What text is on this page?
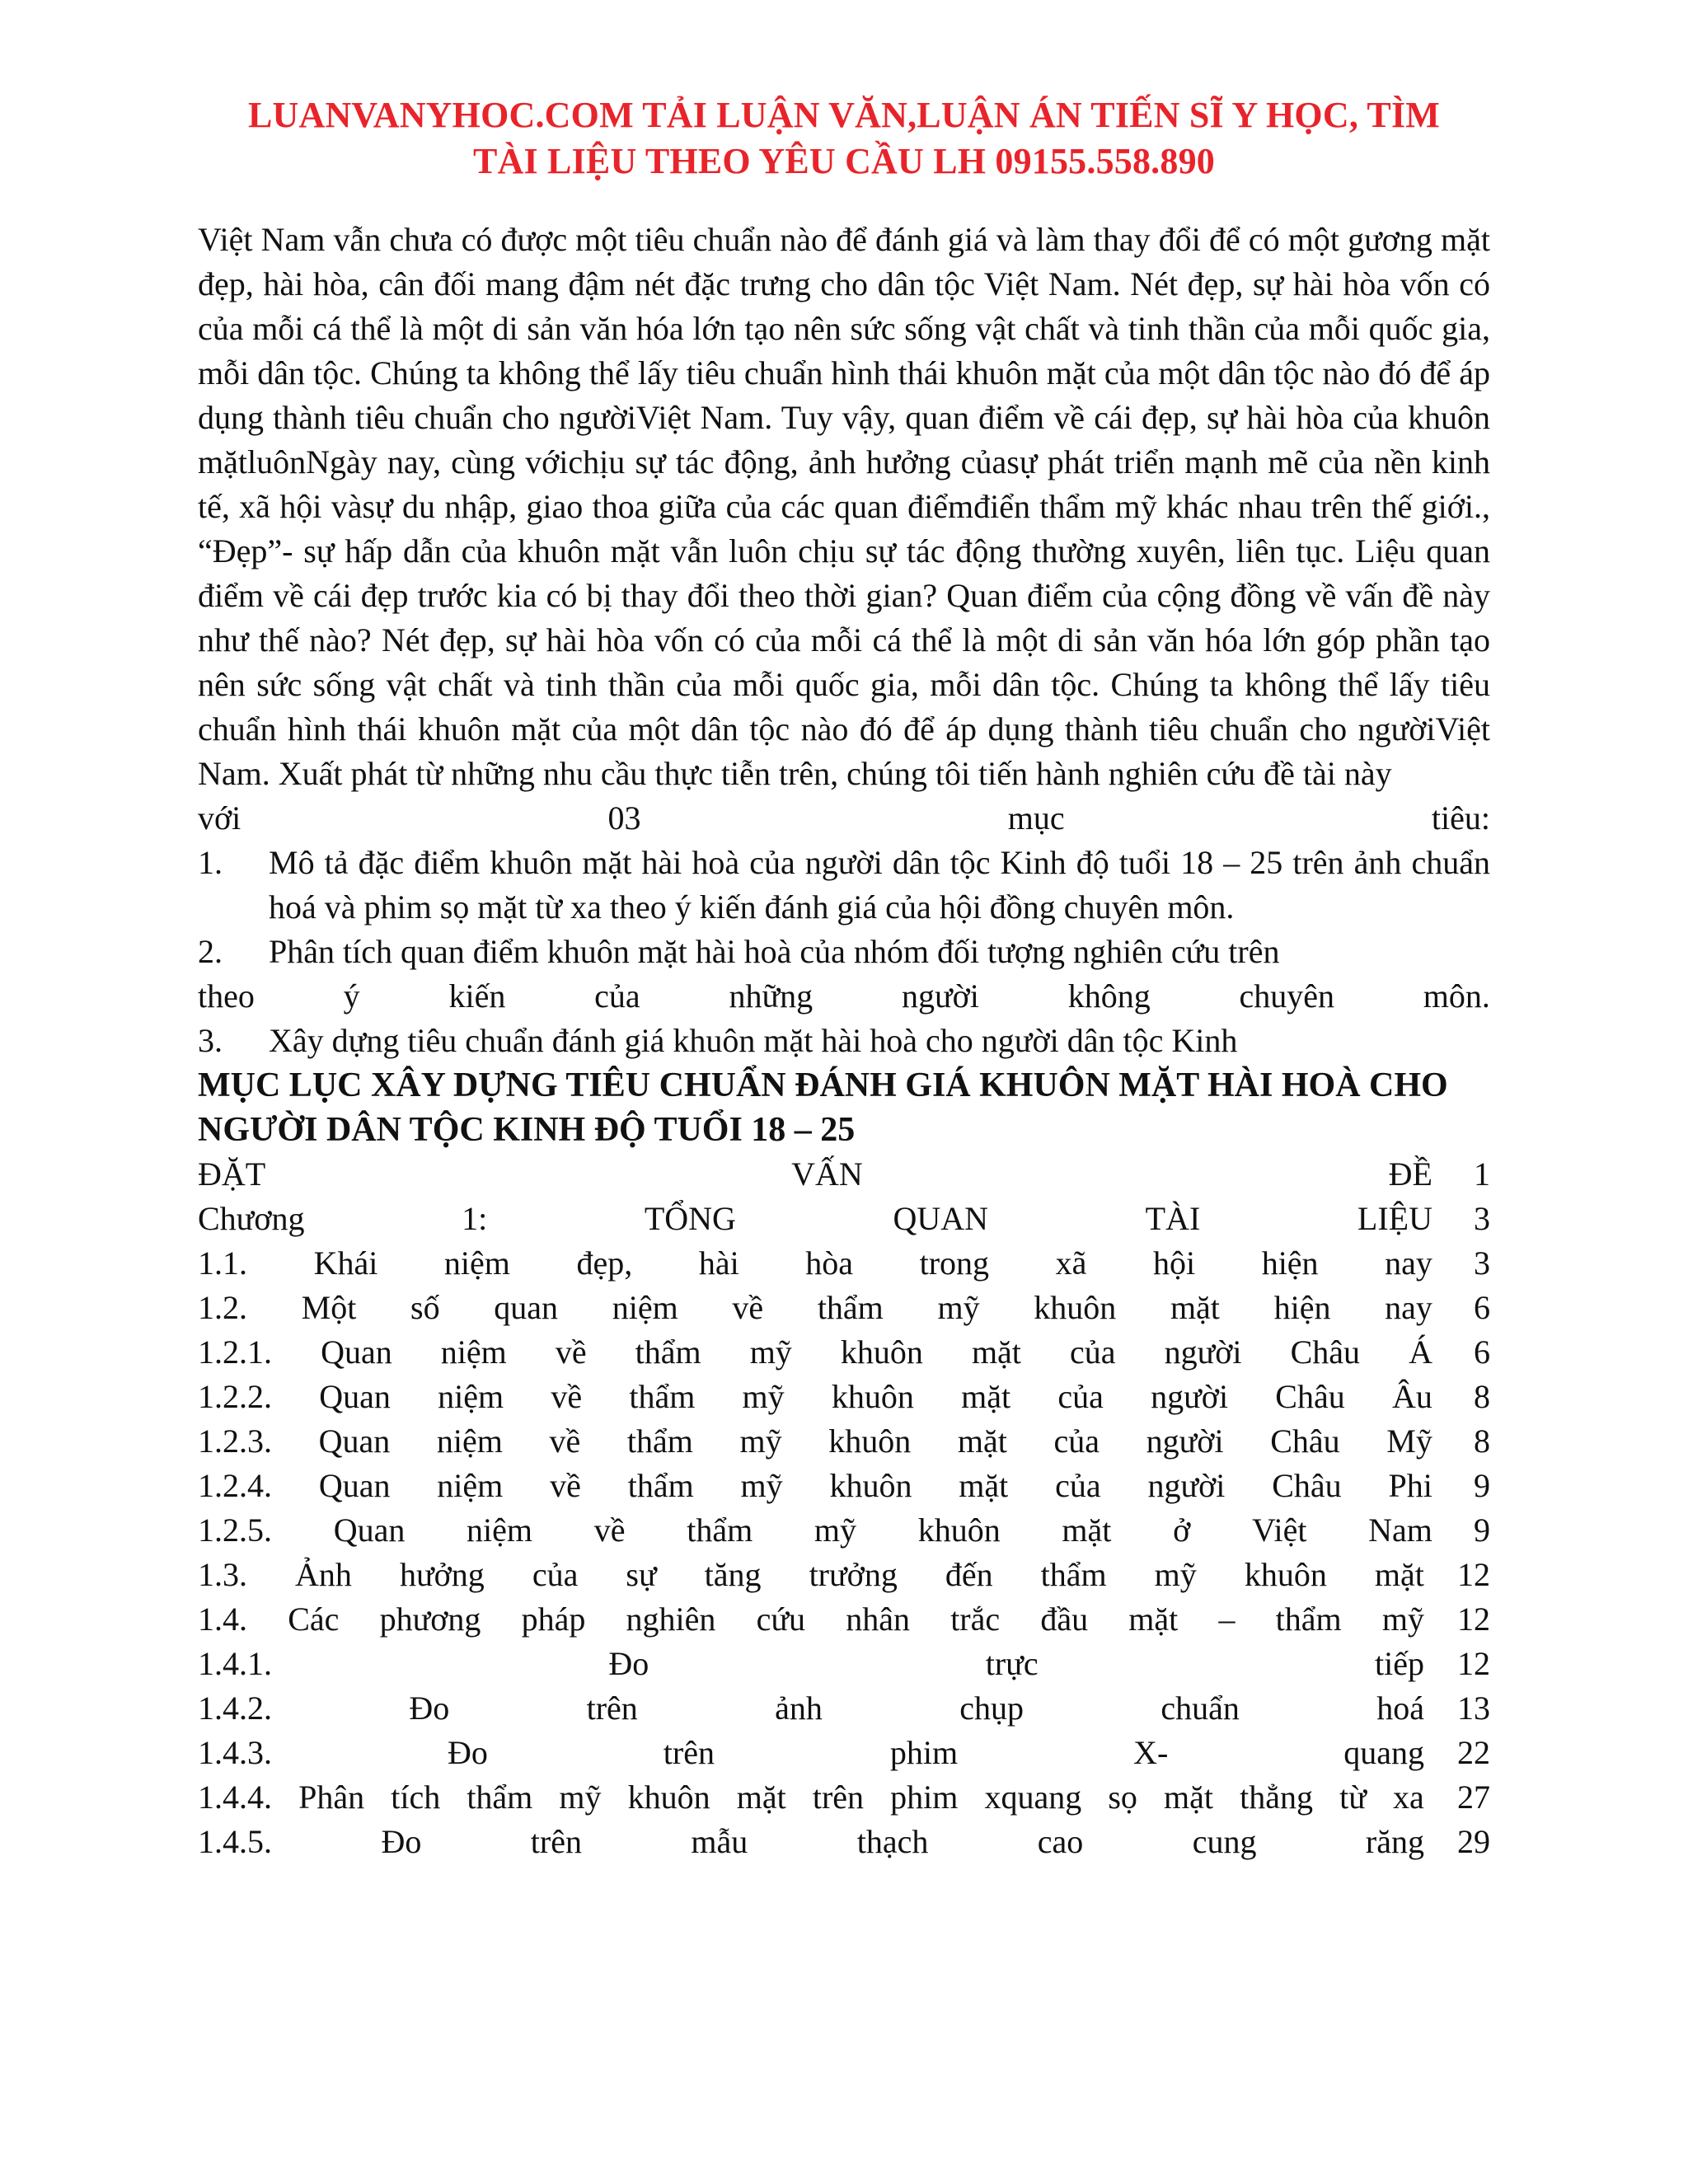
LUANVANYHOC.COM TẢI LUẬN VĂN,LUẬN ÁN TIẾN SĨ Y HỌC, TÌM
TÀI LIỆU THEO YÊU CẦU LH 09155.558.890

Việt Nam vẫn chưa có được một tiêu chuẩn nào để đánh giá và làm thay đổi để có một gương mặt đẹp, hài hòa, cân đối mang đậm nét đặc trưng cho dân tộc Việt Nam. Nét đẹp, sự hài hòa vốn có của mỗi cá thể là một di sản văn hóa lớn tạo nên sức sống vật chất và tinh thần của mỗi quốc gia, mỗi dân tộc. Chúng ta không thể lấy tiêu chuẩn hình thái khuôn mặt của một dân tộc nào đó để áp dụng thành tiêu chuẩn cho ngườiViệt Nam. Tuy vậy, quan điểm về cái đẹp, sự hài hòa của khuôn mặtluônNgày nay, cùng vớichịu sự tác động, ảnh hưởng củasự phát triển mạnh mẽ của nền kinh tế, xã hội vàsự du nhập, giao thoa giữa của các quan điểmđiển thẩm mỹ khác nhau trên thế giới., “Đẹp”- sự hấp dẫn của khuôn mặt vẫn luôn chịu sự tác động thường xuyên, liên tục. Liệu quan điểm về cái đẹp trước kia có bị thay đổi theo thời gian? Quan điểm của cộng đồng về vấn đề này như thế nào? Nét đẹp, sự hài hòa vốn có của mỗi cá thể là một di sản văn hóa lớn góp phần tạo nên sức sống vật chất và tinh thần của mỗi quốc gia, mỗi dân tộc. Chúng ta không thể lấy tiêu chuẩn hình thái khuôn mặt của một dân tộc nào đó để áp dụng thành tiêu chuẩn cho ngườiViệt Nam. Xuất phát từ những nhu cầu thực tiễn trên, chúng tôi tiến hành nghiên cứu đề tài này

với	03	mục	tiêu:
1.	Mô tả đặc điểm khuôn mặt hài hoà của người dân tộc Kinh độ tuổi 18 – 25 trên ảnh chuẩn hoá và phim sọ mặt từ xa theo ý kiến đánh giá của hội đồng chuyên môn.
2.	Phân tích quan điểm khuôn mặt hài hoà của nhóm đối tượng nghiên cứu trên
theo	ý	kiến	của	những	người	không	chuyên	môn.
3.	Xây dựng tiêu chuẩn đánh giá khuôn mặt hài hoà cho người dân tộc Kinh

MỤC LỤC XÂY DỰNG TIÊU CHUẨN ĐÁNH GIÁ KHUÔN MẶT HÀI HOÀ CHO NGƯỜI DÂN TỘC KINH ĐỘ TUỔI 18 – 25

ĐẶT	VẤN	ĐỀ 1
Chương	1:	TỔNG	QUAN	TÀI	LIỆU 3
1.1. Khái niệm đẹp, hài hòa trong xã hội hiện nay 3
1.2. Một số quan niệm về thẩm mỹ khuôn mặt hiện nay 6
1.2.1. Quan niệm về thẩm mỹ khuôn mặt của người Châu Á 6
1.2.2. Quan niệm về thẩm mỹ khuôn mặt của người Châu Âu 8
1.2.3. Quan niệm về thẩm mỹ khuôn mặt của người Châu Mỹ 8
1.2.4. Quan niệm về thẩm mỹ khuôn mặt của người Châu Phi 9
1.2.5. Quan niệm về thẩm mỹ khuôn mặt ở Việt Nam 9
1.3. Ảnh hưởng của sự tăng trưởng đến thẩm mỹ khuôn mặt 12
1.4. Các phương pháp nghiên cứu nhân trắc đầu mặt – thẩm mỹ 12
1.4.1.	Đo	trực	tiếp 12
1.4.2.	Đo	trên	ảnh	chụp	chuẩn	hoá 13
1.4.3.	Đo	trên	phim	X-	quang 22
1.4.4. Phân tích thẩm mỹ khuôn mặt trên phim xquang sọ mặt thẳng từ xa 27
1.4.5.	Đo	trên	mẫu	thạch	cao	cung	răng 29
